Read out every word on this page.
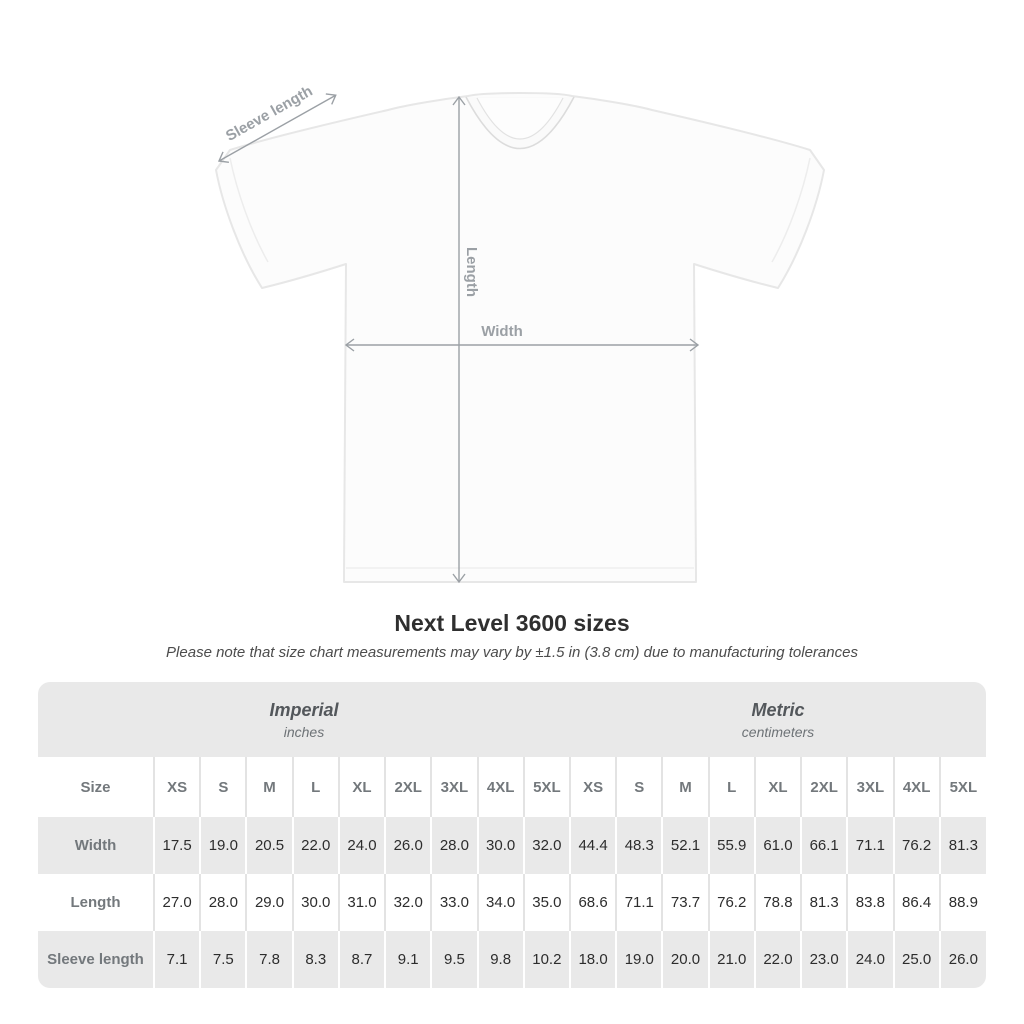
Length
Width
Sleeve length
Next Level 3600 sizes
Please note that size chart measurements may vary by ±1.5 in (3.8 cm) due to manufacturing tolerances
Imperial
inches

Metric
centimeters

Size	XS	S	M	L	XL	2XL	3XL	4XL	5XL	XS	S	M	L	XL	2XL	3XL	4XL	5XL
Width	17.5	19.0	20.5	22.0	24.0	26.0	28.0	30.0	32.0	44.4	48.3	52.1	55.9	61.0	66.1	71.1	76.2	81.3
Length	27.0	28.0	29.0	30.0	31.0	32.0	33.0	34.0	35.0	68.6	71.1	73.7	76.2	78.8	81.3	83.8	86.4	88.9
Sleeve length	7.1	7.5	7.8	8.3	8.7	9.1	9.5	9.8	10.2	18.0	19.0	20.0	21.0	22.0	23.0	24.0	25.0	26.0
